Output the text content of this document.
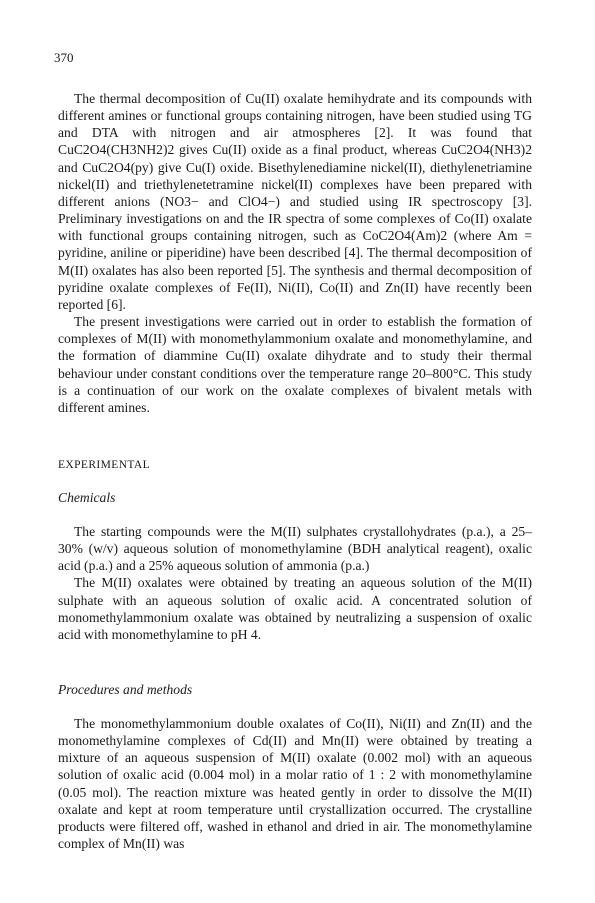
370

The thermal decomposition of Cu(II) oxalate hemihydrate and its compounds with different amines or functional groups containing nitrogen, have been studied using TG and DTA with nitrogen and air atmospheres [2]. It was found that CuC2O4(CH3NH2)2 gives Cu(II) oxide as a final product, whereas CuC2O4(NH3)2 and CuC2O4(py) give Cu(I) oxide. Bisethylenediamine nickel(II), diethylenetriamine nickel(II) and triethylenetetramine nickel(II) complexes have been prepared with different anions (NO3− and ClO4−) and studied using IR spectroscopy [3]. Preliminary investigations on and the IR spectra of some complexes of Co(II) oxalate with functional groups containing nitrogen, such as CoC2O4(Am)2 (where Am = pyridine, aniline or piperidine) have been described [4]. The thermal decomposition of M(II) oxalates has also been reported [5]. The synthesis and thermal decomposition of pyridine oxalate complexes of Fe(II), Ni(II), Co(II) and Zn(II) have recently been reported [6].

The present investigations were carried out in order to establish the formation of complexes of M(II) with monomethylammonium oxalate and monomethylamine, and the formation of diammine Cu(II) oxalate dihydrate and to study their thermal behaviour under constant conditions over the temperature range 20–800°C. This study is a continuation of our work on the oxalate complexes of bivalent metals with different amines.

EXPERIMENTAL
Chemicals

The starting compounds were the M(II) sulphates crystallohydrates (p.a.), a 25–30% (w/v) aqueous solution of monomethylamine (BDH analytical reagent), oxalic acid (p.a.) and a 25% aqueous solution of ammonia (p.a.)

The M(II) oxalates were obtained by treating an aqueous solution of the M(II) sulphate with an aqueous solution of oxalic acid. A concentrated solution of monomethylammonium oxalate was obtained by neutralizing a suspension of oxalic acid with monomethylamine to pH 4.

Procedures and methods

The monomethylammonium double oxalates of Co(II), Ni(II) and Zn(II) and the monomethylamine complexes of Cd(II) and Mn(II) were obtained by treating a mixture of an aqueous suspension of M(II) oxalate (0.002 mol) with an aqueous solution of oxalic acid (0.004 mol) in a molar ratio of 1 : 2 with monomethylamine (0.05 mol). The reaction mixture was heated gently in order to dissolve the M(II) oxalate and kept at room temperature until crystallization occurred. The crystalline products were filtered off, washed in ethanol and dried in air. The monomethylamine complex of Mn(II) was
